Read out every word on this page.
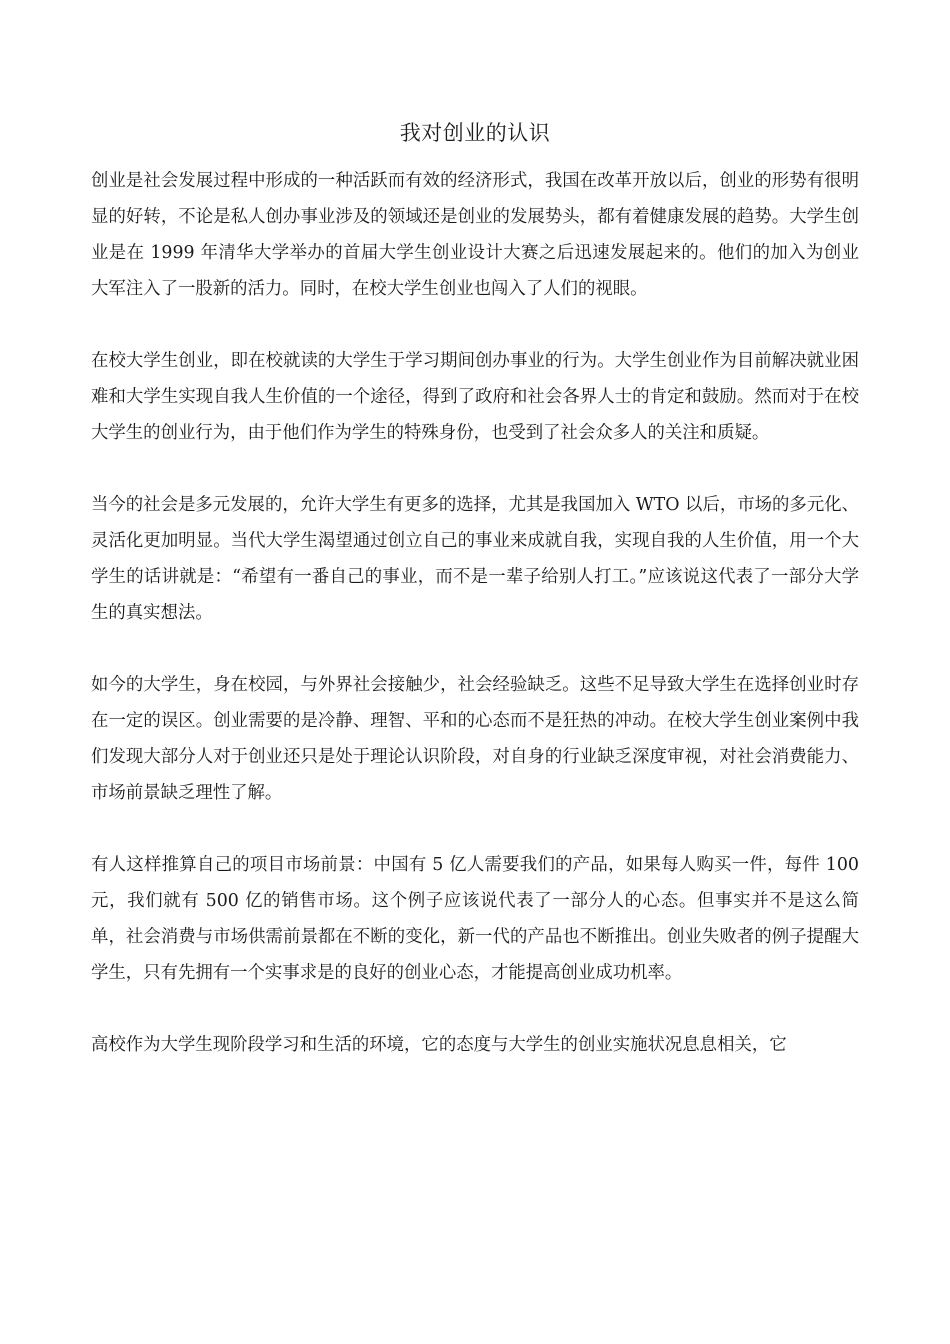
我对创业的认识

创业是社会发展过程中形成的一种活跃而有效的经济形式，我国在改革开放以后，创业的形势有很明显的好转，不论是私人创办事业涉及的领域还是创业的发展势头，都有着健康发展的趋势。大学生创业是在 1999 年清华大学举办的首届大学生创业设计大赛之后迅速发展起来的。他们的加入为创业大军注入了一股新的活力。同时，在校大学生创业也闯入了人们的视眼。

在校大学生创业，即在校就读的大学生于学习期间创办事业的行为。大学生创业作为目前解决就业困难和大学生实现自我人生价值的一个途径，得到了政府和社会各界人士的肯定和鼓励。然而对于在校大学生的创业行为，由于他们作为学生的特殊身份，也受到了社会众多人的关注和质疑。

当今的社会是多元发展的，允许大学生有更多的选择，尤其是我国加入 WTO 以后，市场的多元化、灵活化更加明显。当代大学生渴望通过创立自己的事业来成就自我，实现自我的人生价值，用一个大学生的话讲就是：“希望有一番自己的事业，而不是一辈子给别人打工。”应该说这代表了一部分大学生的真实想法。

如今的大学生，身在校园，与外界社会接触少，社会经验缺乏。这些不足导致大学生在选择创业时存在一定的误区。创业需要的是冷静、理智、平和的心态而不是狂热的冲动。在校大学生创业案例中我们发现大部分人对于创业还只是处于理论认识阶段，对自身的行业缺乏深度审视，对社会消费能力、市场前景缺乏理性了解。

有人这样推算自己的项目市场前景：中国有 5 亿人需要我们的产品，如果每人购买一件，每件 100 元，我们就有 500 亿的销售市场。这个例子应该说代表了一部分人的心态。但事实并不是这么简单，社会消费与市场供需前景都在不断的变化，新一代的产品也不断推出。创业失败者的例子提醒大学生，只有先拥有一个实事求是的良好的创业心态，才能提高创业成功机率。

高校作为大学生现阶段学习和生活的环境，它的态度与大学生的创业实施状况息息相关，它
